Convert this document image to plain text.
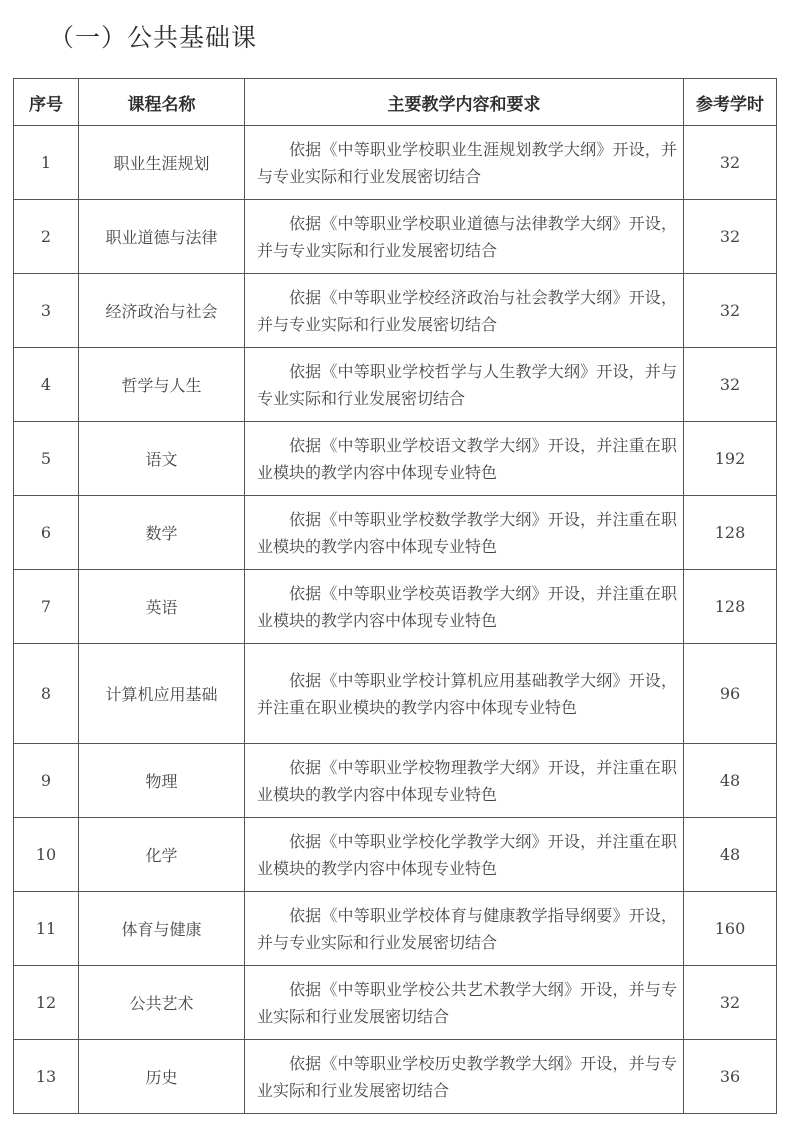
（一）公共基础课
序号	课程名称	主要教学内容和要求	参考学时
1	职业生涯规划	依据《中等职业学校职业生涯规划教学大纲》开设，并与专业实际和行业发展密切结合	32
2	职业道德与法律	依据《中等职业学校职业道德与法律教学大纲》开设，并与专业实际和行业发展密切结合	32
3	经济政治与社会	依据《中等职业学校经济政治与社会教学大纲》开设，并与专业实际和行业发展密切结合	32
4	哲学与人生	依据《中等职业学校哲学与人生教学大纲》开设，并与专业实际和行业发展密切结合	32
5	语文	依据《中等职业学校语文教学大纲》开设，并注重在职业模块的教学内容中体现专业特色	192
6	数学	依据《中等职业学校数学教学大纲》开设，并注重在职业模块的教学内容中体现专业特色	128
7	英语	依据《中等职业学校英语教学大纲》开设，并注重在职业模块的教学内容中体现专业特色	128
8	计算机应用基础	依据《中等职业学校计算机应用基础教学大纲》开设，并注重在职业模块的教学内容中体现专业特色	96
9	物理	依据《中等职业学校物理教学大纲》开设，并注重在职业模块的教学内容中体现专业特色	48
10	化学	依据《中等职业学校化学教学大纲》开设，并注重在职业模块的教学内容中体现专业特色	48
11	体育与健康	依据《中等职业学校体育与健康教学指导纲要》开设，并与专业实际和行业发展密切结合	160
12	公共艺术	依据《中等职业学校公共艺术教学大纲》开设，并与专业实际和行业发展密切结合	32
13	历史	依据《中等职业学校历史教学教学大纲》开设，并与专业实际和行业发展密切结合	36
